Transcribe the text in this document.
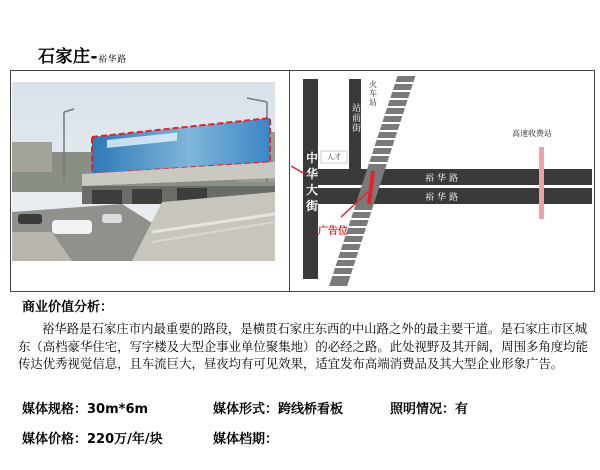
石家庄-裕华路
火车站
站前街
中华大街
裕华路
裕华路
高速收费站
人才
广告位
商业价值分析：
裕华路是石家庄市内最重要的路段，是横贯石家庄东西的中山路之外的最主要干道。是石家庄市区城东（高档豪华住宅，写字楼及大型企事业单位聚集地）的必经之路。此处视野及其开阔，周围多角度均能传达优秀视觉信息，且车流巨大，昼夜均有可见效果，适宜发布高端消费品及其大型企业形象广告。
媒体规格：30m*6m	媒体形式：跨线桥看板	照明情况：有
媒体价格：220万/年/块	媒体档期：
